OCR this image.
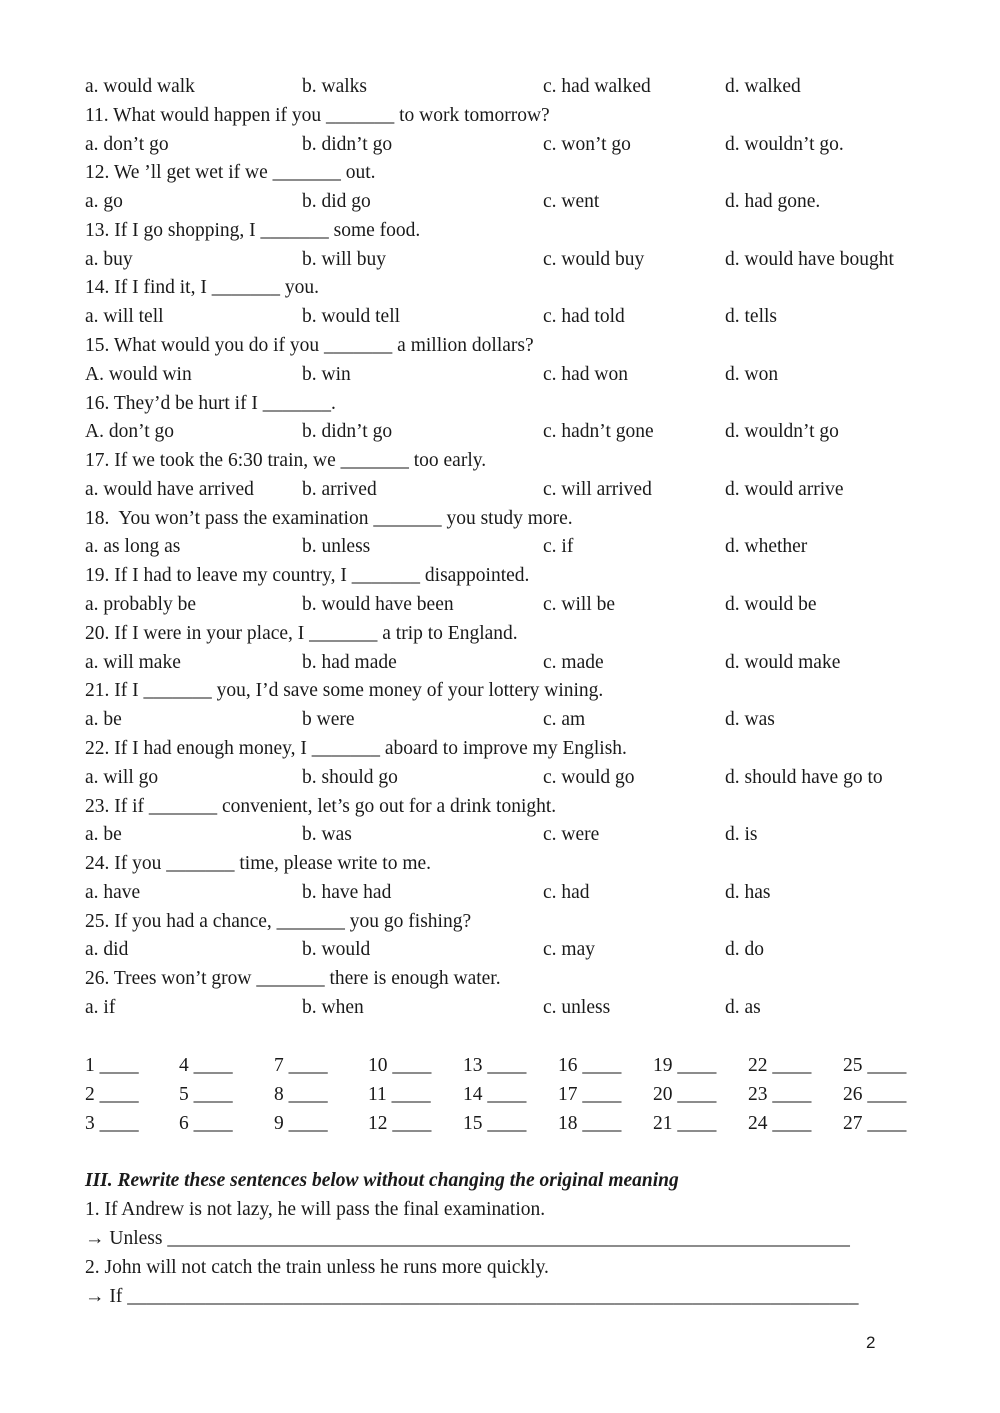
a. would walk	b. walks	c. had walked	d. walked
11. What would happen if you _______ to work tomorrow?
a. don’t go	b. didn’t go	c. won’t go	d. wouldn’t go.
12. We ’ll get wet if we _______ out.
a. go	b. did go	c. went	d. had gone.
13. If I go shopping, I _______ some food.
a. buy	b. will buy	c. would buy	d. would have bought
14. If I find it, I _______ you.
a. will tell	b. would tell	c. had told	d. tells
15. What would you do if you _______ a million dollars?
A. would win	b. win	c. had won	d. won
16. They’d be hurt if I _______.
A. don’t go	b. didn’t go	c. hadn’t gone	d. wouldn’t go
17. If we took the 6:30 train, we _______ too early.
a. would have arrived b. arrived	c. will arrived	d. would arrive
18.  You won’t pass the examination _______ you study more.
a. as long as	b. unless	c. if	d. whether
19. If I had to leave my country, I _______ disappointed.
a. probably be	b. would have been	c. will be	d. would be
20. If I were in your place, I _______ a trip to England.
a. will make	b. had made	c. made	d. would make
21. If I _______ you, I’d save some money of your lottery wining.
a. be	b were	c. am	d. was
22. If I had enough money, I _______ aboard to improve my English.
a. will go	b. should go	c. would go	d. should have go to
23. If if _______ convenient, let’s go out for a drink tonight.
a. be	b. was	c. were	d. is
24. If you _______ time, please write to me.
a. have	b. have had	c. had	d. has
25. If you had a chance, _______ you go fishing?
a. did	b. would	c. may	d. do
26. Trees won’t grow _______ there is enough water.
a. if	b. when	c. unless	d. as
1 ____ 4 ____ 7 ____ 10 ____ 13 ____ 16 ____ 19 ____ 22 ____ 25 ____
2 ____ 5 ____ 8 ____ 11 ____ 14 ____ 17 ____ 20 ____ 23 ____ 26 ____
3 ____ 6 ____ 9 ____ 12 ____ 15 ____ 18 ____ 21 ____ 24 ____ 27 ____
III. Rewrite these sentences below without changing the original meaning
1. If Andrew is not lazy, he will pass the final examination.
→ Unless ______________________________________________________________________
2. John will not catch the train unless he runs more quickly.
→ If ___________________________________________________________________________
2
